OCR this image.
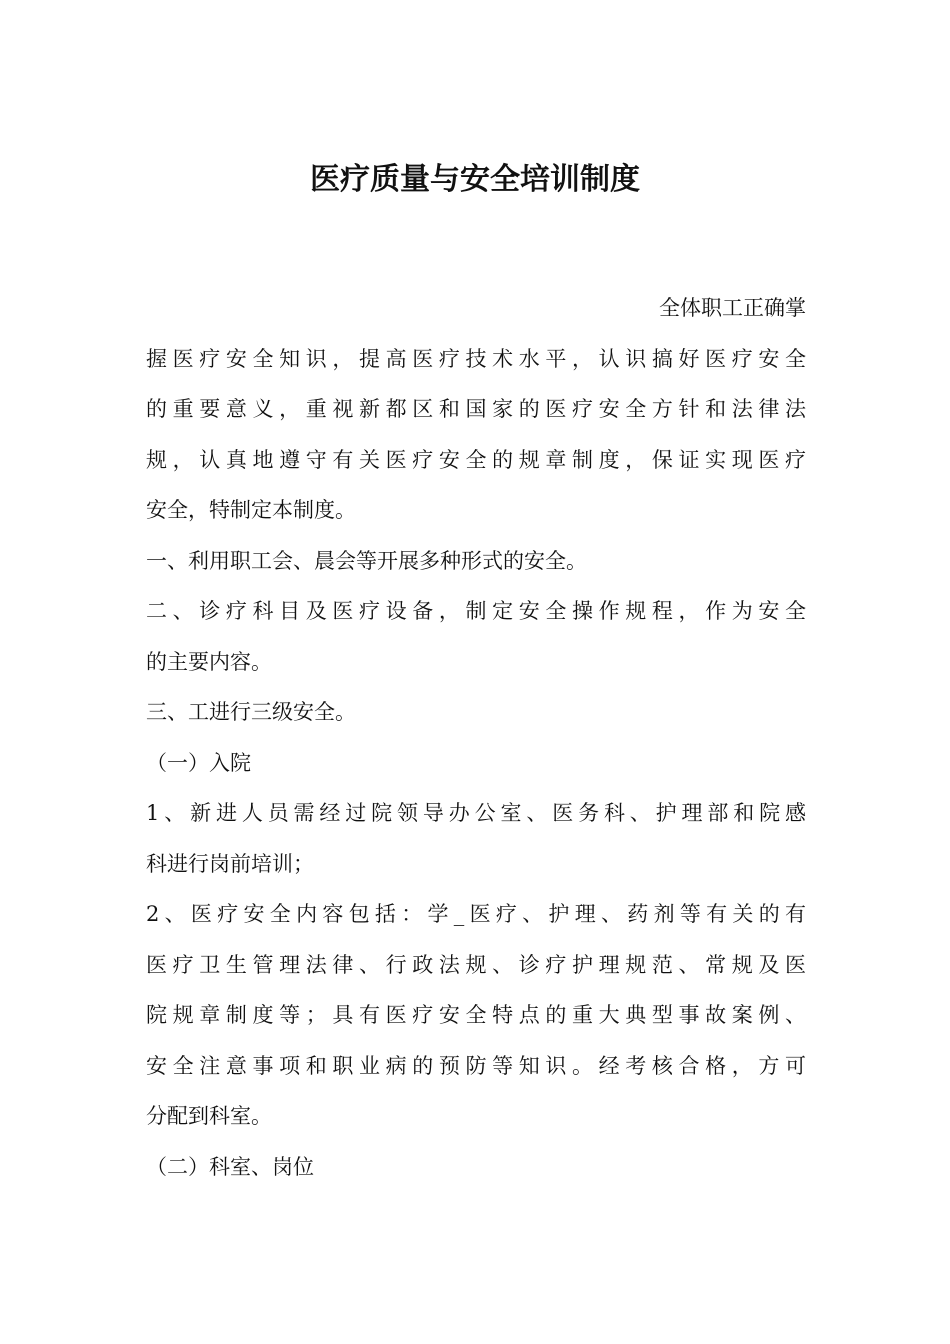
医疗质量与安全培训制度
全体职工正确掌
握医疗安全知识，提高医疗技术水平，认识搞好医疗安全
的重要意义，重视新都区和国家的医疗安全方针和法律法
规，认真地遵守有关医疗安全的规章制度，保证实现医疗
安全，特制定本制度。
一、利用职工会、晨会等开展多种形式的安全。
二、诊疗科目及医疗设备，制定安全操作规程，作为安全
的主要内容。
三、工进行三级安全。
（一）入院
1、新进人员需经过院领导办公室、医务科、护理部和院感
科进行岗前培训；
2、医疗安全内容包括：学_医疗、护理、药剂等有关的有
医疗卫生管理法律、行政法规、诊疗护理规范、常规及医
院规章制度等；具有医疗安全特点的重大典型事故案例、
安全注意事项和职业病的预防等知识。经考核合格，方可
分配到科室。
（二）科室、岗位
